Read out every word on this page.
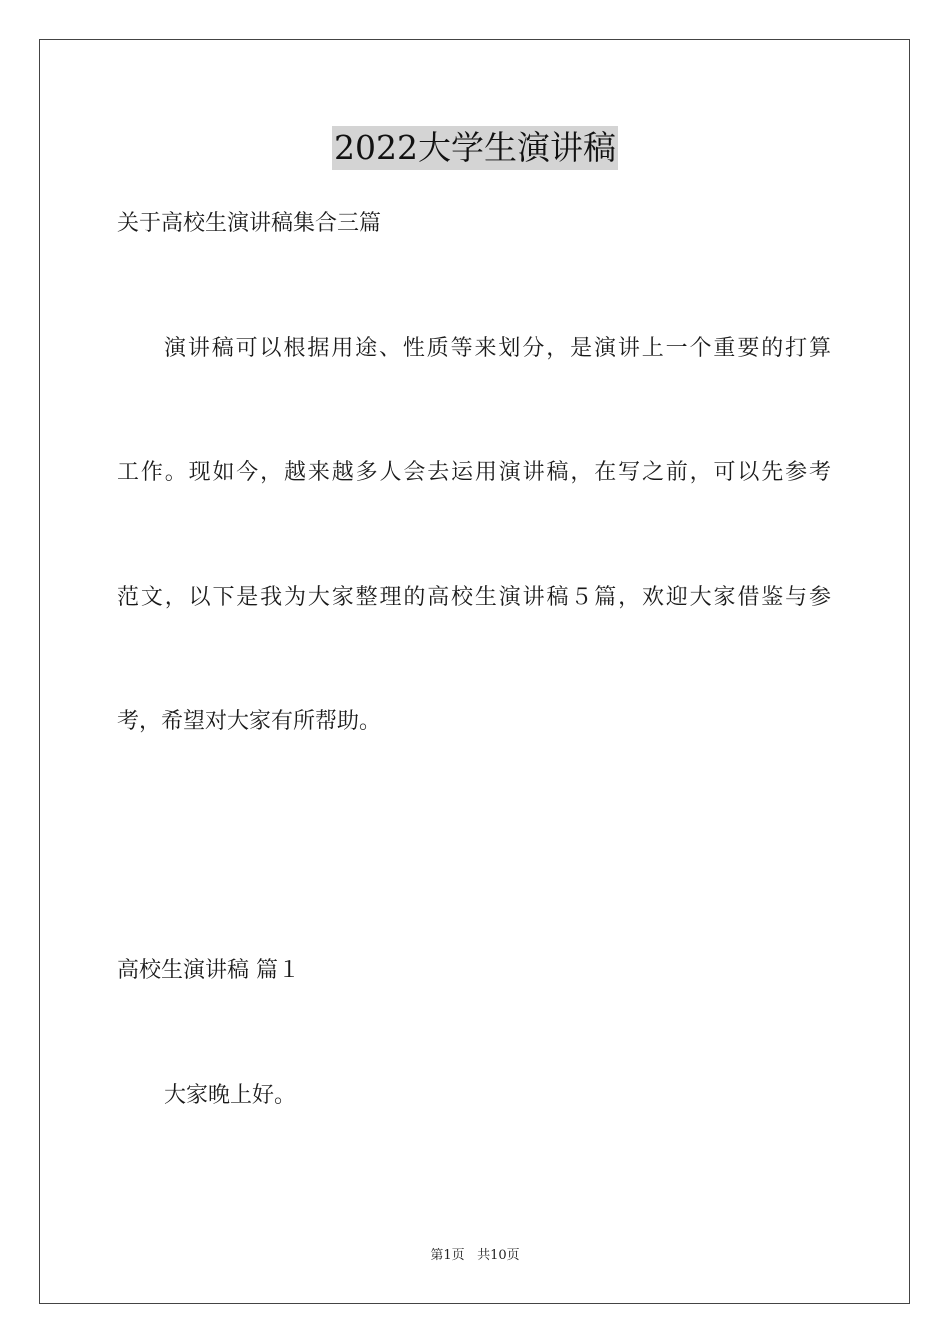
2022大学生演讲稿
关于高校生演讲稿集合三篇
演讲稿可以根据用途、性质等来划分，是演讲上一个重要的打算
工作。现如今，越来越多人会去运用演讲稿，在写之前，可以先参考
范文，以下是我为大家整理的高校生演讲稿５篇，欢迎大家借鉴与参
考，希望对大家有所帮助。
高校生演讲稿 篇１
大家晚上好。
第1页 共10页
